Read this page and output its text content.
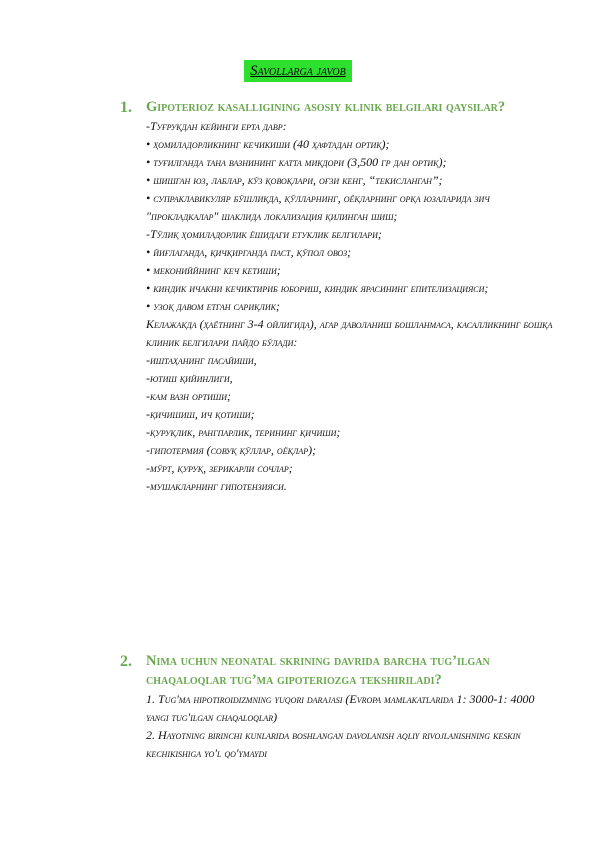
Savollarga javob
1. Gipoterioz kasalligining asosiy klinik belgilari qaysilar?
-Туғруқдан кейинги ерта давр:
• ҳомиладорликнинг кечикиши (40 ҳафтадан ортиқ);
• туғилганда тана вазнининг катта миқдори (3,500 гр дан ортиқ);
• шишган юз, лаблар, кўз қовоқлари, оғзи кенг, “текисланган”;
• супраклавикуляр бўшлиқда, қўлларнинг, оёқларнинг орқа юзаларида зич "прокладкалар" шаклида локализация қилинган шиш;
-Тўлиқ ҳомиладорлик ёшидаги етуклик белгилари;
• йиғлаганда, қичқирганда паст, қўпол овоз;
• мекониййнинг кеч кетиши;
• киндик ичакни кечиктириб юбориш, киндик ярасининг епителизацияси;
• узоқ давом етган сариқлик;
Келажакда (ҳаётнинг 3-4 ойлигида), агар даволаниш бошланмаса, касалликнинг бошқа клиник белгилари пайдо бўлади:
-иштаҳанинг пасайиши,
-ютиш қийинлиги,
-кам вазн ортиши;
-қичишиш, ич қотиши;
-қуруқлик, рангпарлик, терининг қичиши;
-гипотермия (совуқ қўллар, оёқлар);
-мўрт, қуруқ, зерикарли сочлар;
-мушакларнинг гипотензияси.
2. Nima uchun neonatal skrining davrida barcha tug’ilgan chaqaloqlar tug’ma gipoteriozga tekshiriladi?
1. Tug'ma hipotiroidizmning yuqori darajasi (Evropa mamlakatlarida 1: 3000-1: 4000 yangi tug'ilgan chaqaloqlar)
2. Hayotning birinchi kunlarida boshlangan davolanish aqliy rivojlanishning keskin kechikishiga yo'l qo'ymaydi
